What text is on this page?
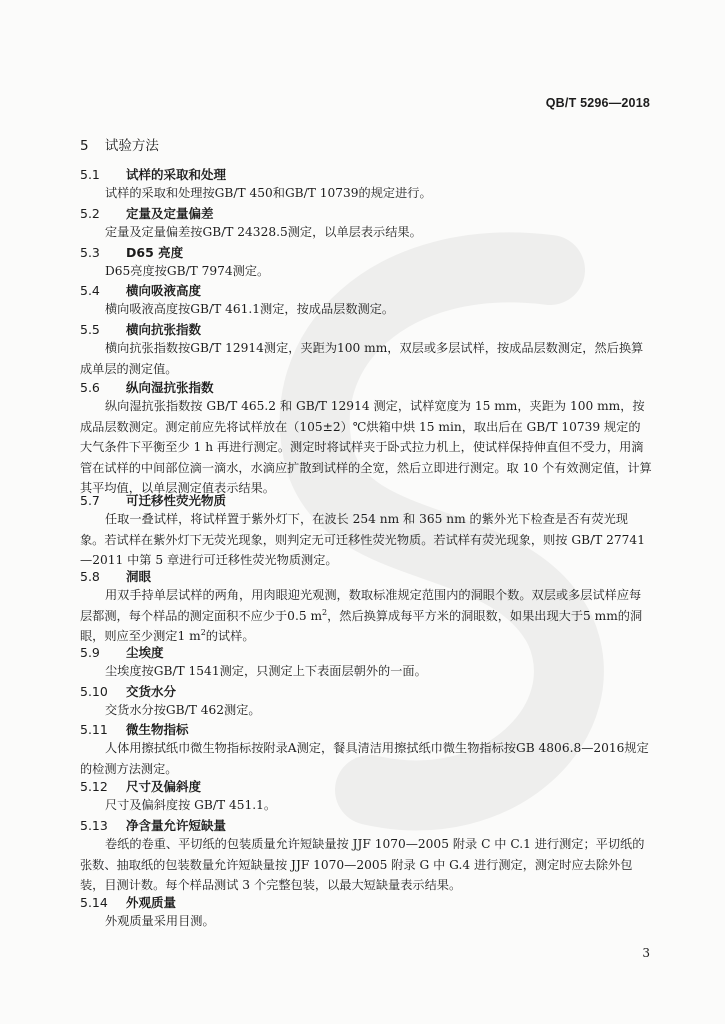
QB/T 5296—2018
5 试验方法
5.1 试样的采取和处理
试样的采取和处理按GB/T 450和GB/T 10739的规定进行。
5.2 定量及定量偏差
定量及定量偏差按GB/T 24328.5测定，以单层表示结果。
5.3 D65 亮度
D65亮度按GB/T 7974测定。
5.4 横向吸液高度
横向吸液高度按GB/T 461.1测定，按成品层数测定。
5.5 横向抗张指数
横向抗张指数按GB/T 12914测定，夹距为100 mm，双层或多层试样，按成品层数测定，然后换算成单层的测定值。
5.6 纵向湿抗张指数
纵向湿抗张指数按 GB/T 465.2 和 GB/T 12914 测定，试样宽度为 15 mm，夹距为 100 mm，按成品层数测定。测定前应先将试样放在（105±2）℃烘箱中烘 15 min，取出后在 GB/T 10739 规定的大气条件下平衡至少 1 h 再进行测定。测定时将试样夹于卧式拉力机上，使试样保持伸直但不受力，用滴管在试样的中间部位滴一滴水，水滴应扩散到试样的全宽，然后立即进行测定。取 10 个有效测定值，计算其平均值，以单层测定值表示结果。
5.7 可迁移性荧光物质
任取一叠试样，将试样置于紫外灯下，在波长 254 nm 和 365 nm 的紫外光下检查是否有荧光现象。若试样在紫外灯下无荧光现象，则判定无可迁移性荧光物质。若试样有荧光现象，则按 GB/T 27741—2011 中第 5 章进行可迁移性荧光物质测定。
5.8 洞眼
用双手持单层试样的两角，用肉眼迎光观测，数取标准规定范围内的洞眼个数。双层或多层试样应每层都测，每个样品的测定面积不应少于0.5 $m^2$，然后换算成每平方米的洞眼数，如果出现大于5 mm的洞眼，则应至少测定1 $m^2$的试样。
5.9 尘埃度
尘埃度按GB/T 1541测定，只测定上下表面层朝外的一面。
5.10 交货水分
交货水分按GB/T 462测定。
5.11 微生物指标
人体用擦拭纸巾微生物指标按附录A测定，餐具清洁用擦拭纸巾微生物指标按GB 4806.8—2016规定的检测方法测定。
5.12 尺寸及偏斜度
尺寸及偏斜度按 GB/T 451.1。
5.13 净含量允许短缺量
卷纸的卷重、平切纸的包装质量允许短缺量按 JJF 1070—2005 附录 C 中 C.1 进行测定；平切纸的张数、抽取纸的包装数量允许短缺量按 JJF 1070—2005 附录 G 中 G.4 进行测定，测定时应去除外包装，目测计数。每个样品测试 3 个完整包装，以最大短缺量表示结果。
5.14 外观质量
外观质量采用目测。
3
